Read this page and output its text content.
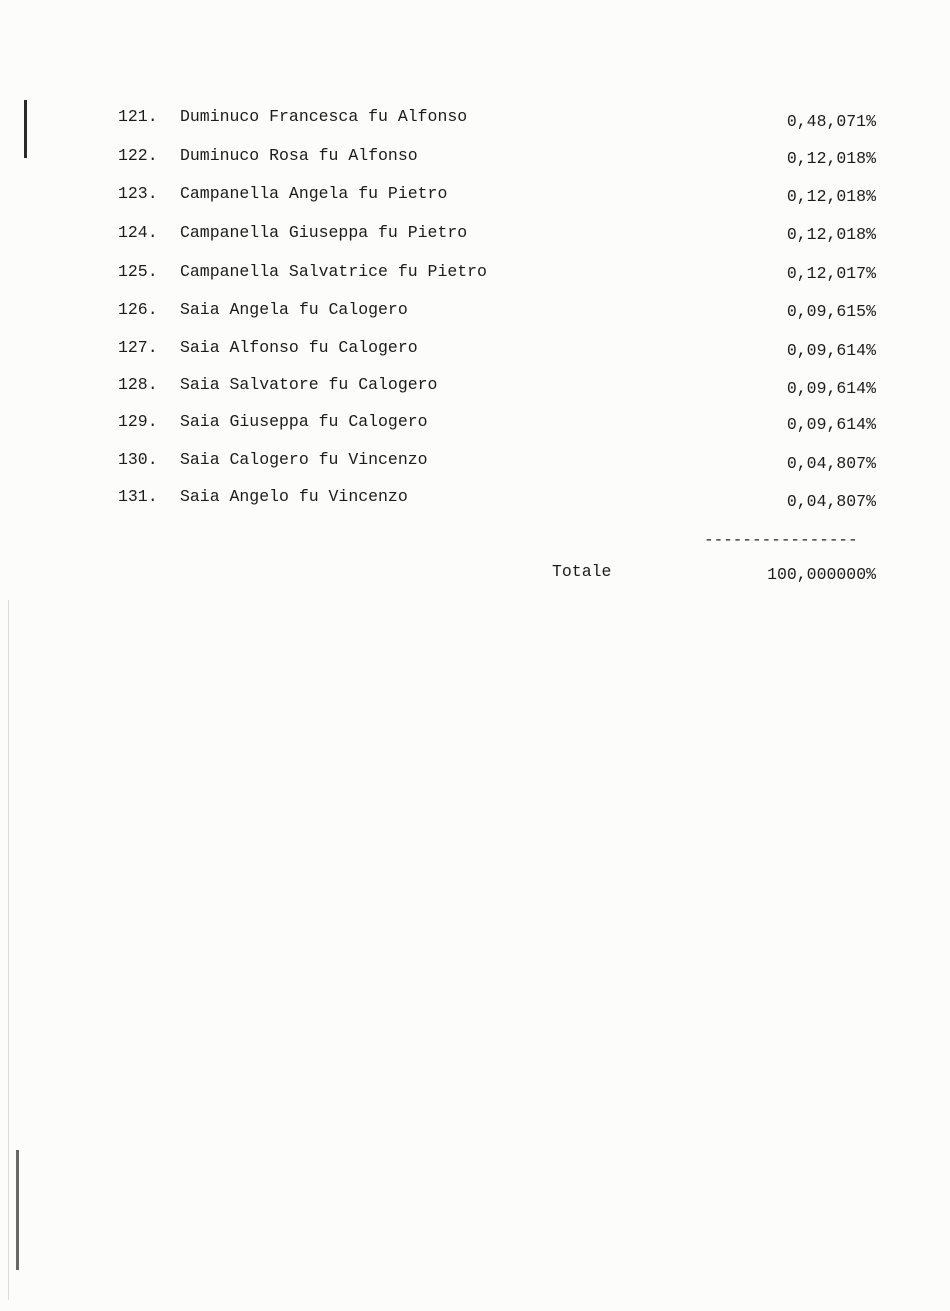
121.	Duminuco Francesca fu Alfonso	0,48,071%
122.	Duminuco Rosa fu Alfonso	0,12,018%
123.	Campanella Angela fu Pietro	0,12,018%
124.	Campanella Giuseppa fu Pietro	0,12,018%
125.	Campanella Salvatrice fu Pietro	0,12,017%
126.	Saia Angela fu Calogero	0,09,615%
127.	Saia Alfonso fu Calogero	0,09,614%
128.	Saia Salvatore fu Calogero	0,09,614%
129.	Saia Giuseppa fu Calogero	0,09,614%
130.	Saia Calogero fu Vincenzo	0,04,807%
131.	Saia Angelo fu Vincenzo	0,04,807%
----------------
Totale	100,000000%
